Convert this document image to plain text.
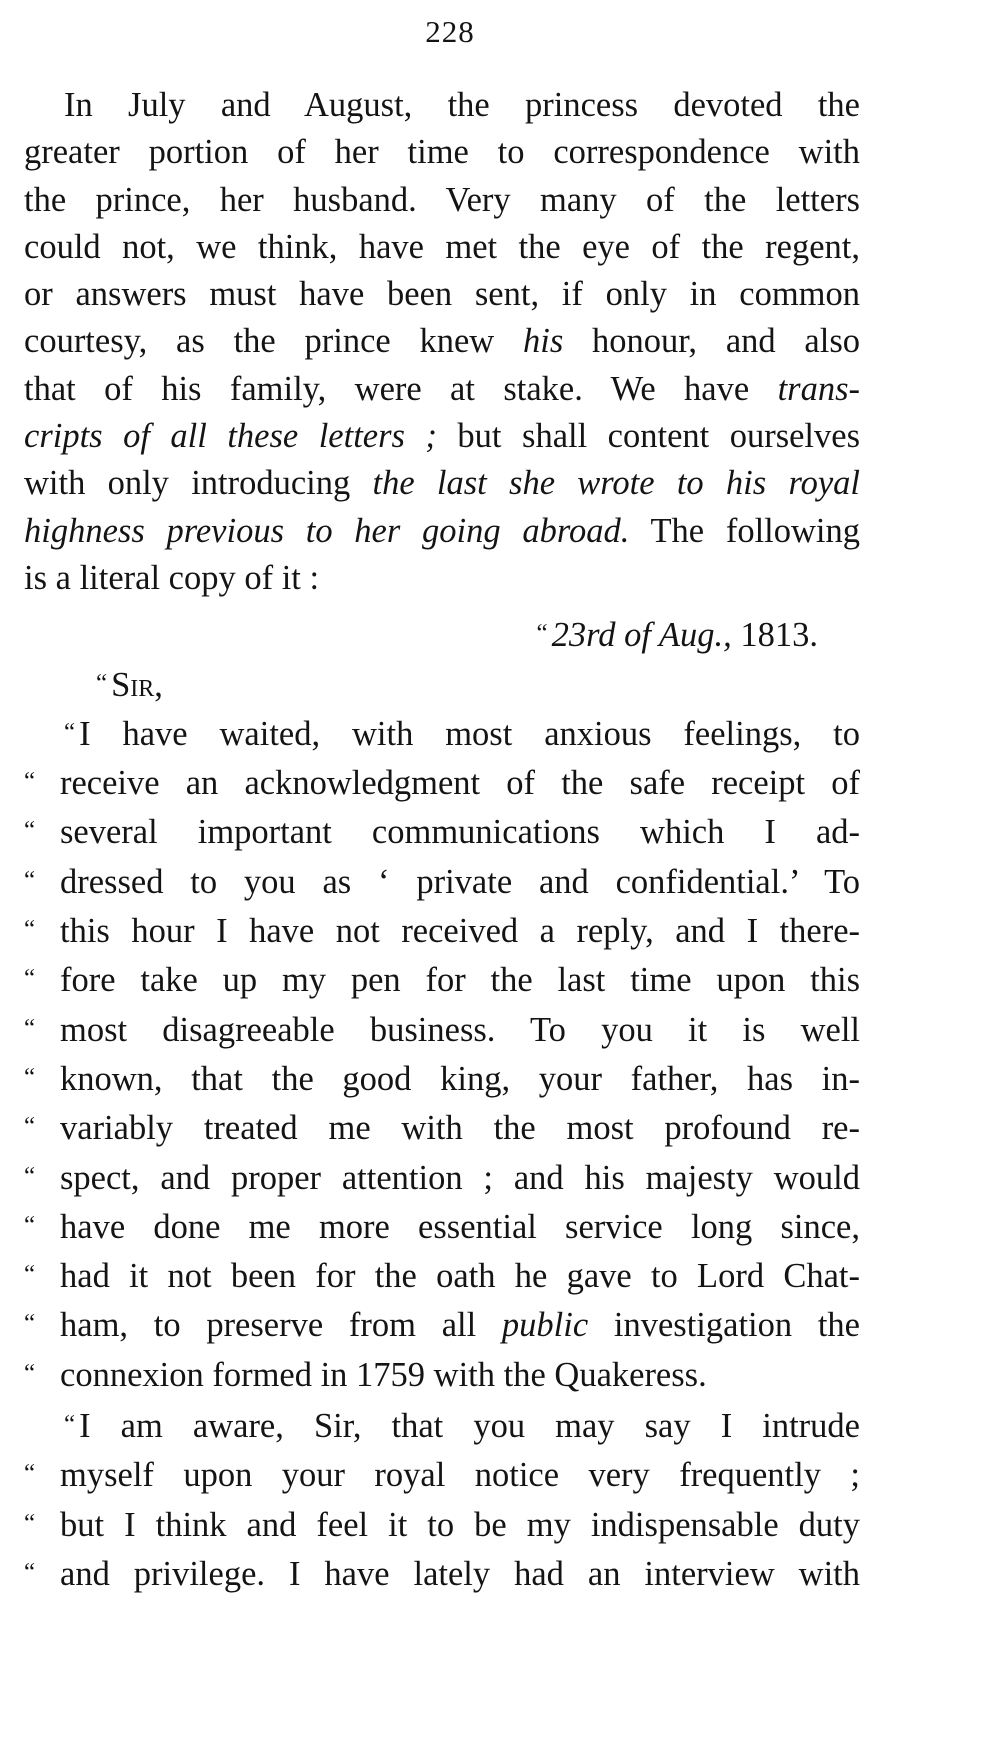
228
In July and August, the princess devoted the
greater portion of her time to correspondence with
the prince, her husband. Very many of the letters
could not, we think, have met the eye of the regent,
or answers must have been sent, if only in common
courtesy, as the prince knew his honour, and also
that of his family, were at stake. We have trans-
cripts of all these letters ; but shall content ourselves
with only introducing the last she wrote to his royal
highness previous to her going abroad. The following
is a literal copy of it :
“ 23rd of Aug., 1813.
“ Sir,
“ I have waited, with most anxious feelings, to
“ receive an acknowledgment of the safe receipt of
“ several important communications which I ad-
“ dressed to you as ‘ private and confidential.’ To
“ this hour I have not received a reply, and I there-
“ fore take up my pen for the last time upon this
“ most disagreeable business. To you it is well
“ known, that the good king, your father, has in-
“ variably treated me with the most profound re-
“ spect, and proper attention ; and his majesty would
“ have done me more essential service long since,
“ had it not been for the oath he gave to Lord Chat-
“ ham, to preserve from all public investigation the
“ connexion formed in 1759 with the Quakeress.
“ I am aware, Sir, that you may say I intrude
“ myself upon your royal notice very frequently ;
“ but I think and feel it to be my indispensable duty
“ and privilege. I have lately had an interview with
